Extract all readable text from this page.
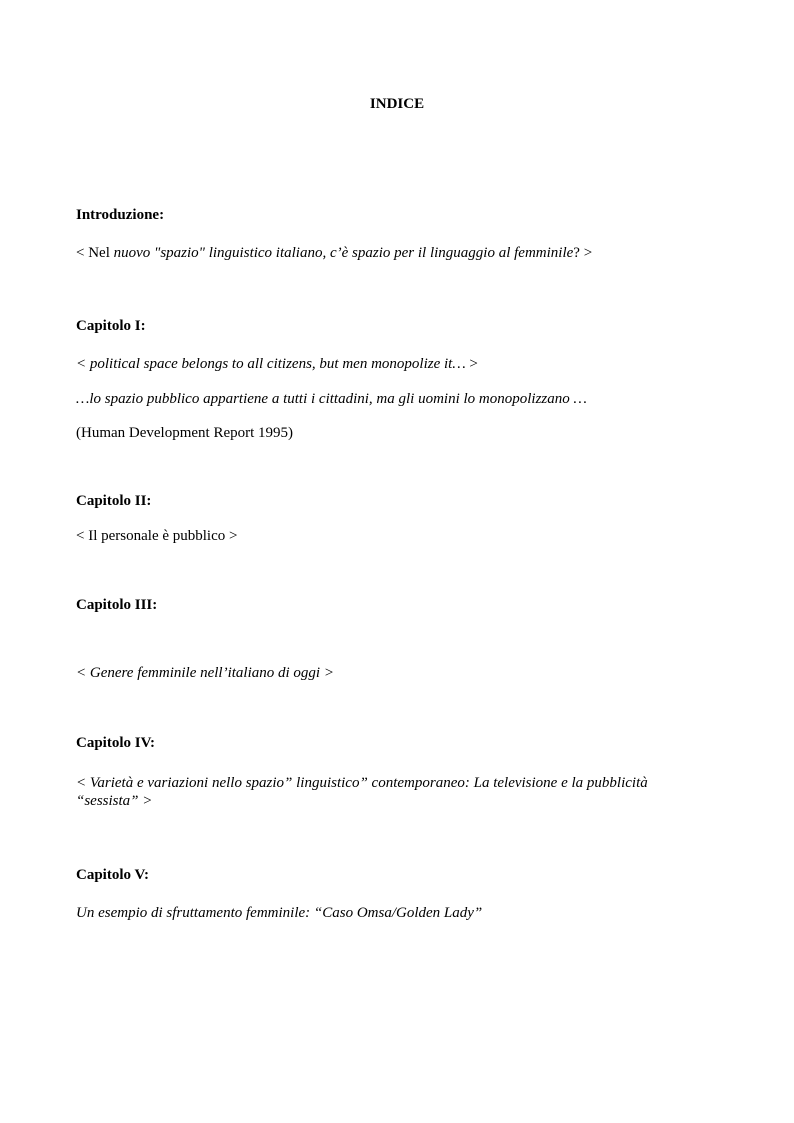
INDICE
Introduzione:
< Nel nuovo "spazio" linguistico italiano, c’è spazio per il linguaggio al femminile? >
Capitolo I:
< political space belongs to all citizens, but men monopolize it… >
…lo spazio pubblico appartiene a tutti i cittadini, ma gli uomini lo monopolizzano …
(Human Development Report 1995)
Capitolo II:
< Il personale è pubblico >
Capitolo III:
< Genere femminile nell’italiano di oggi >
Capitolo IV:
< Varietà e variazioni nello spazio” linguistico” contemporaneo: La televisione e la pubblicità
“sessista” >
Capitolo V:
Un esempio di sfruttamento femminile: “Caso Omsa/Golden Lady”
